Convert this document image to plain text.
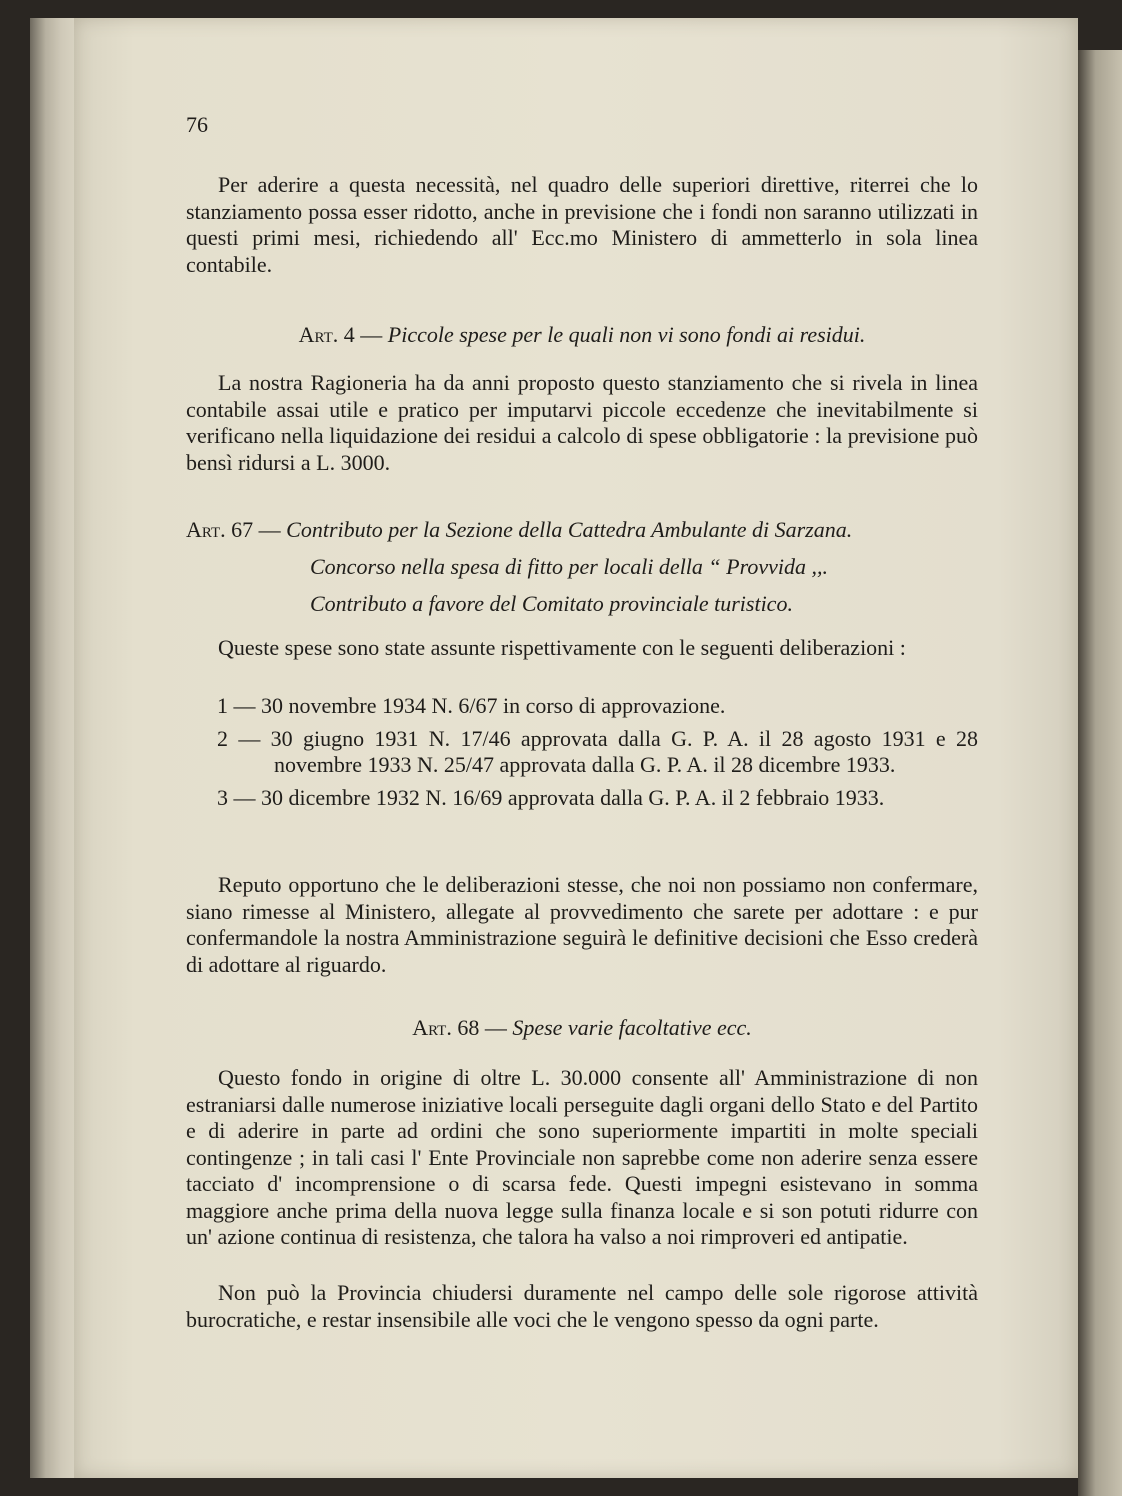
76

Per aderire a questa necessità, nel quadro delle superiori direttive, riterrei che lo stanziamento possa esser ridotto, anche in previsione che i fondi non saranno utilizzati in questi primi mesi, richiedendo all' Ecc.mo Ministero di ammetterlo in sola linea contabile.

Art. 4 — Piccole spese per le quali non vi sono fondi ai residui.

La nostra Ragioneria ha da anni proposto questo stanziamento che si rivela in linea contabile assai utile e pratico per imputarvi piccole eccedenze che inevitabilmente si verificano nella liquidazione dei residui a calcolo di spese obbligatorie : la previsione può bensì ridursi a L. 3000.

Art. 67 — Contributo per la Sezione della Cattedra Ambulante di Sarzana.
Concorso nella spesa di fitto per locali della “ Provvida ,,.
Contributo a favore del Comitato provinciale turistico.

Queste spese sono state assunte rispettivamente con le seguenti deliberazioni :

1 — 30 novembre 1934 N. 6/67 in corso di approvazione.

2 — 30 giugno 1931 N. 17/46 approvata dalla G. P. A. il 28 agosto 1931 e 28 novembre 1933 N. 25/47 approvata dalla G. P. A. il 28 dicembre 1933.

3 — 30 dicembre 1932 N. 16/69 approvata dalla G. P. A. il 2 febbraio 1933.

Reputo opportuno che le deliberazioni stesse, che noi non possiamo non confermare, siano rimesse al Ministero, allegate al provvedimento che sarete per adottare : e pur confermandole la nostra Amministrazione seguirà le definitive decisioni che Esso crederà di adottare al riguardo.

Art. 68 — Spese varie facoltative ecc.

Questo fondo in origine di oltre L. 30.000 consente all' Amministrazione di non estraniarsi dalle numerose iniziative locali perseguite dagli organi dello Stato e del Partito e di aderire in parte ad ordini che sono superiormente impartiti in molte speciali contingenze ; in tali casi l' Ente Provinciale non saprebbe come non aderire senza essere tacciato d' incomprensione o di scarsa fede. Questi impegni esistevano in somma maggiore anche prima della nuova legge sulla finanza locale e si son potuti ridurre con un' azione continua di resistenza, che talora ha valso a noi rimproveri ed antipatie.

Non può la Provincia chiudersi duramente nel campo delle sole rigorose attività burocratiche, e restar insensibile alle voci che le vengono spesso da ogni parte.
